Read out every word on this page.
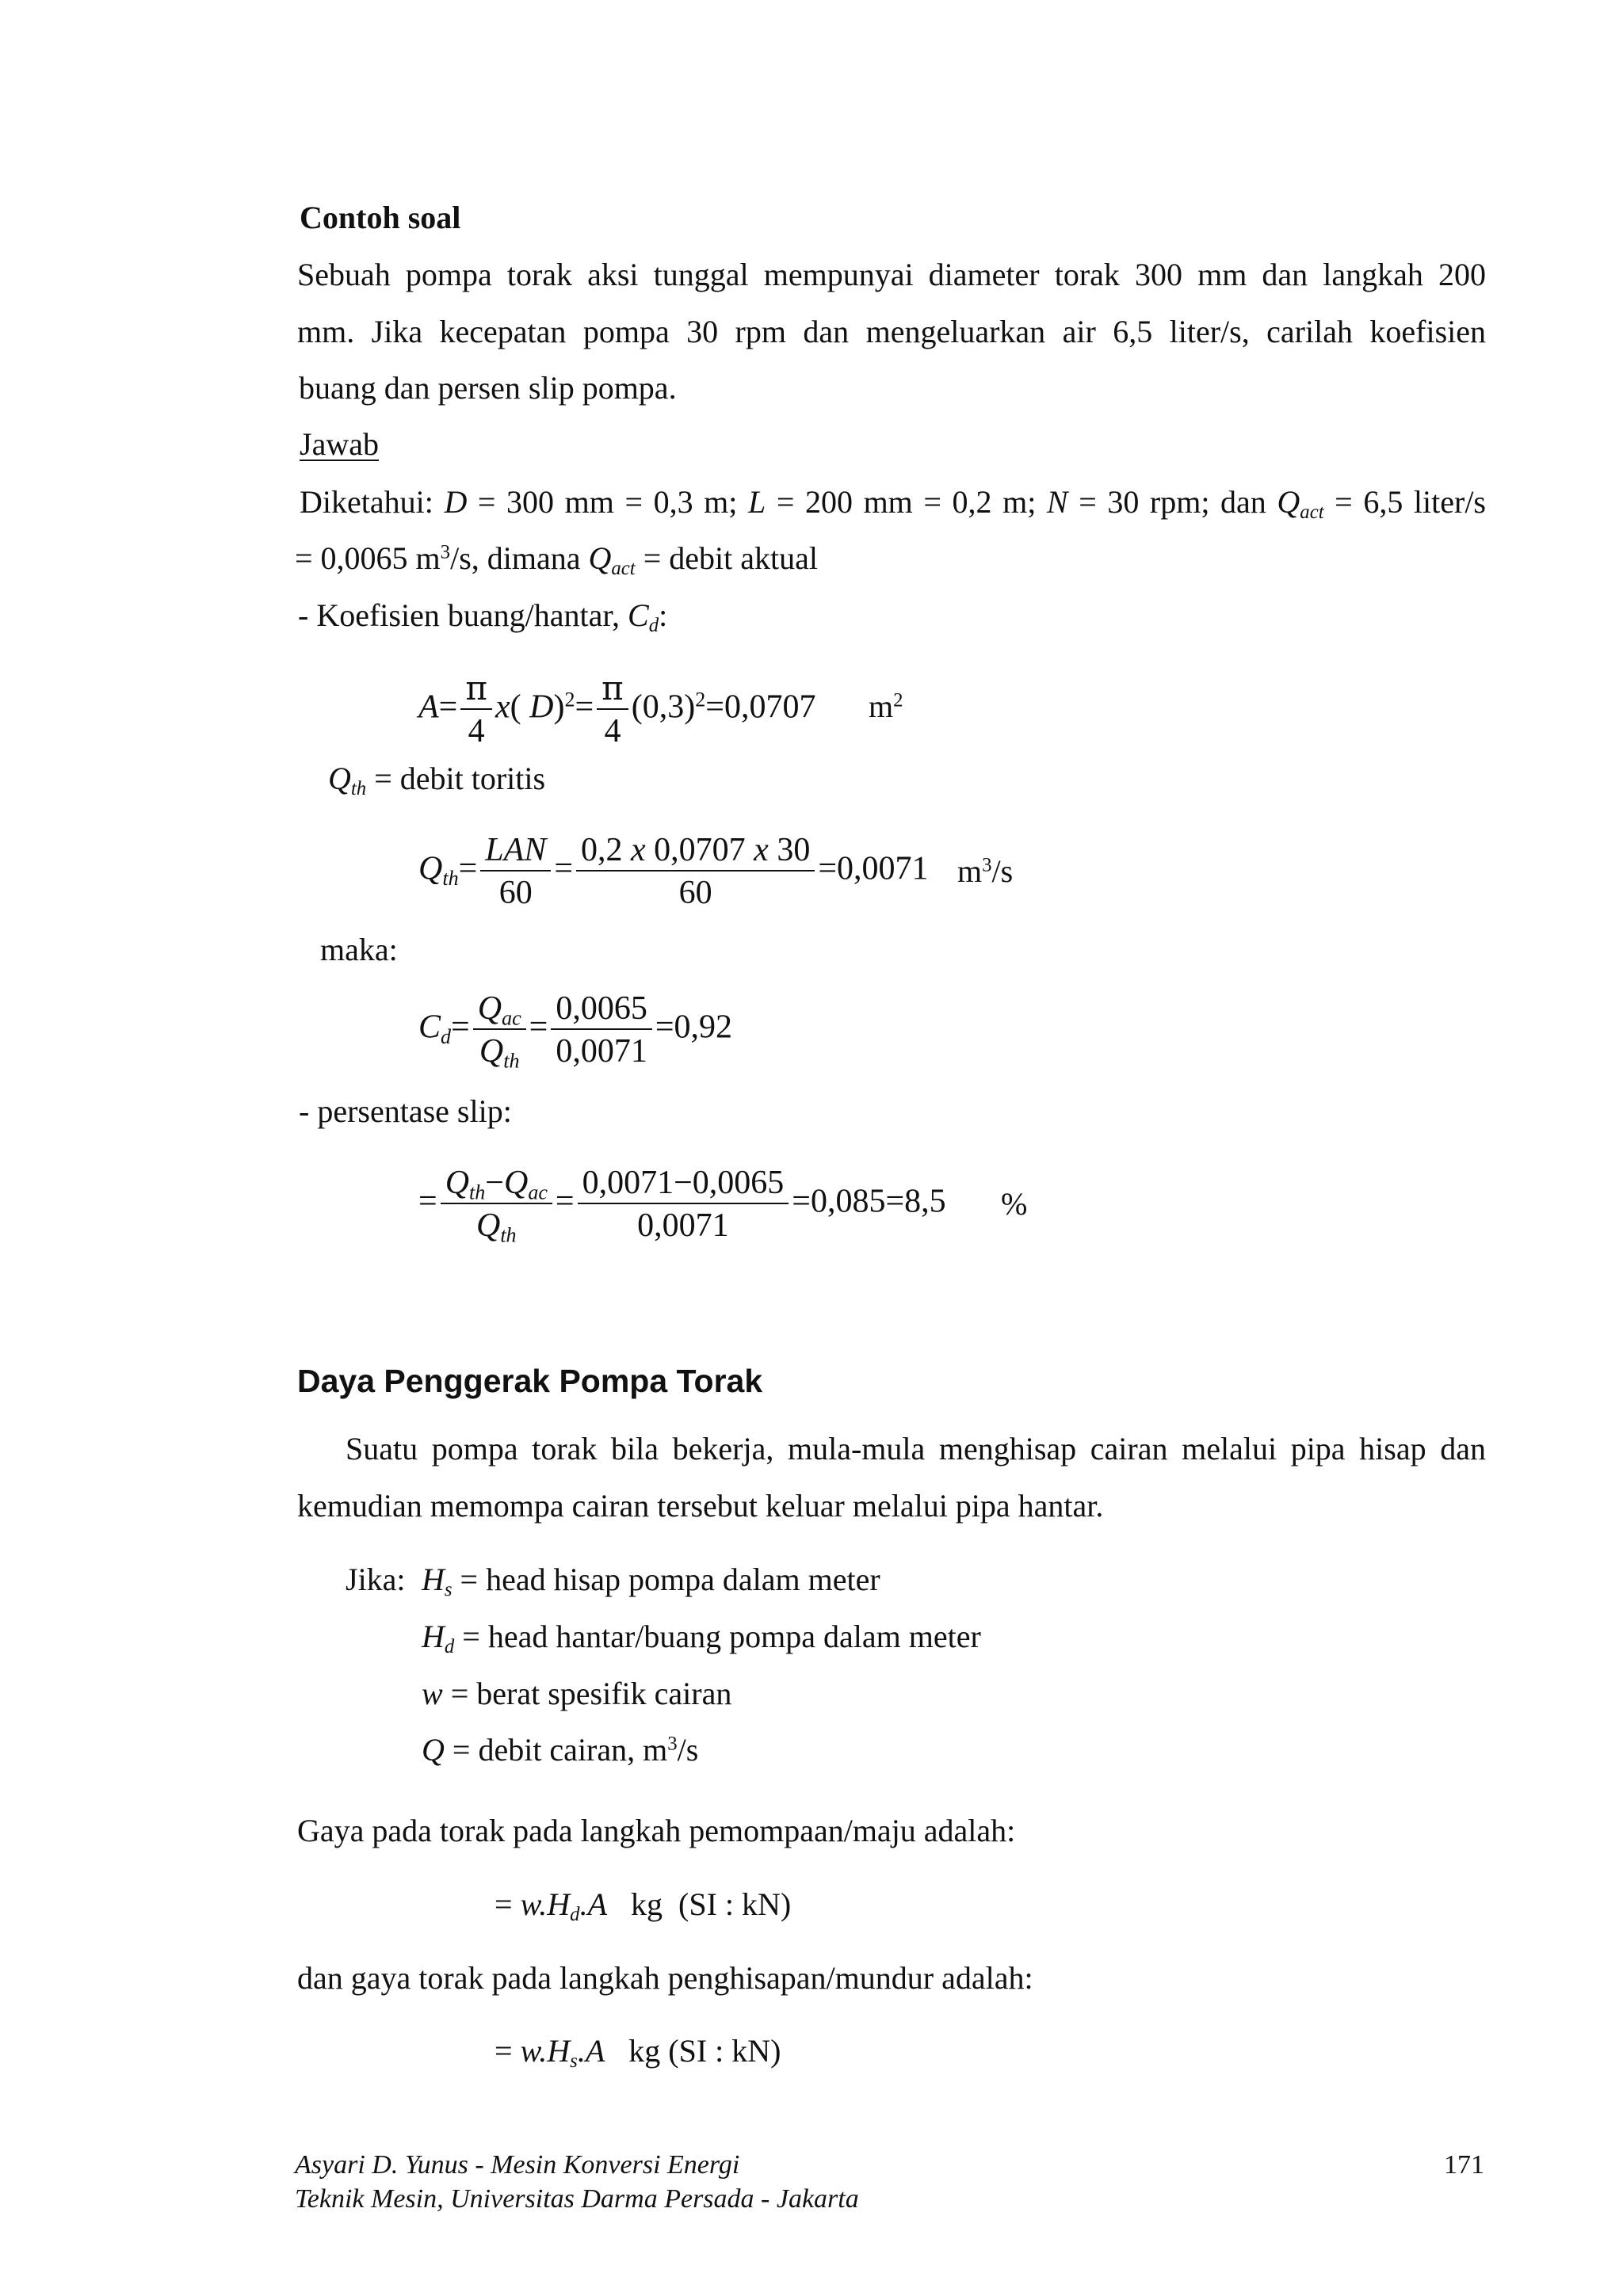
Contoh soal
Sebuah pompa torak aksi tunggal mempunyai diameter torak 300 mm dan langkah 200
mm. Jika kecepatan pompa 30 rpm dan mengeluarkan air 6,5 liter/s, carilah koefisien
buang dan persen slip pompa.
Jawab
Diketahui: D = 300 mm = 0,3 m; L = 200 mm = 0,2 m; N = 30 rpm; dan $Q_{act} = 6,5$ liter/s
= 0,0065 $m^3/s$, dimana $Q_{act}$ = debit aktual
- Koefisien buang/hantar, $C_d$:
$A= \frac{\pi}{4} x$( $D)^2= \frac{\pi}{4} (0,3)^2=0,0707$ $m^2$
$Q_{th}$ = debit toritis
$Q_{th}= \frac{\text{LAN}}{60} = \frac{0,2 x 0,0707 x 30}{60} =0,0071$ $m^3/s$
maka:
$C_d= \frac{Q_{ac}}{Q_{th}} = \frac{0,0065}{0,0071} =0,92$
- persentase slip:
= $\frac{Q_{th}-Q_{ac}}{Q_{th}} = \frac{0,0071-0,0065}{0,0071} =0,085=8,5$ %
Daya Penggerak Pompa Torak
Suatu pompa torak bila bekerja, mula-mula menghisap cairan melalui pipa hisap dan
kemudian memompa cairan tersebut keluar melalui pipa hantar.
Jika: $H_s$ = head hisap pompa dalam meter
$H_d$ = head hantar/buang pompa dalam meter
w = berat spesifik cairan
Q = debit cairan, $m^3/s$
Gaya pada torak pada langkah pemompaan/maju adalah:
= $w.H_d.A$   kg  (SI : kN)
dan gaya torak pada langkah penghisapan/mundur adalah:
= $w.H_s.A$   kg (SI : kN)
Asyari D. Yunus - Mesin Konversi Energi
Teknik Mesin, Universitas Darma Persada - Jakarta
171
